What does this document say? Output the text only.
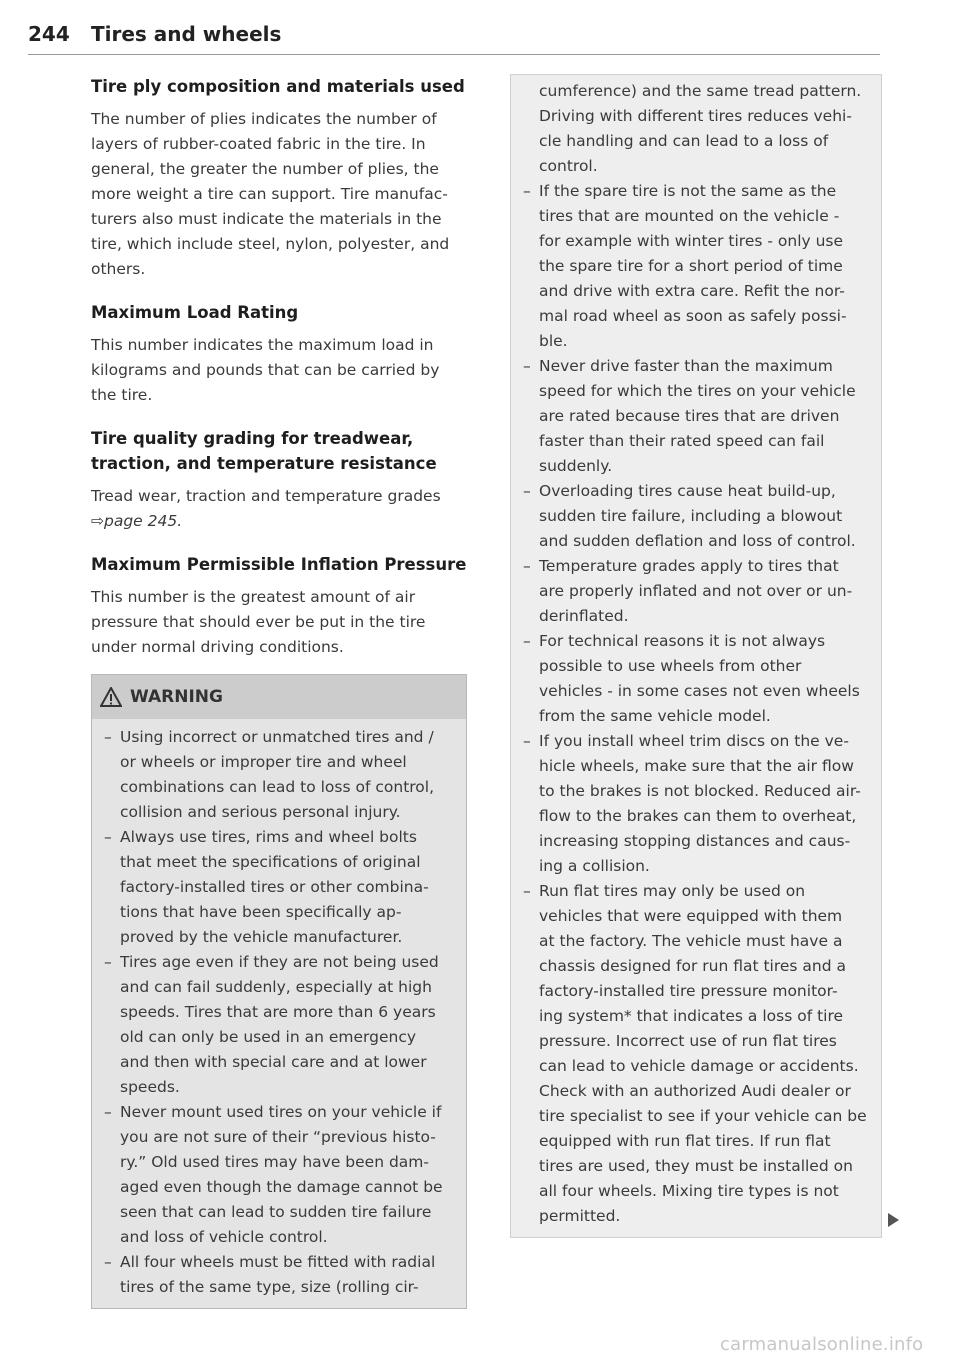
244 Tires and wheels
Tire ply composition and materials used
The number of plies indicates the number of
layers of rubber-coated fabric in the tire. In
general, the greater the number of plies, the
more weight a tire can support. Tire manufac-
turers also must indicate the materials in the
tire, which include steel, nylon, polyester, and
others.
Maximum Load Rating
This number indicates the maximum load in
kilograms and pounds that can be carried by
the tire.
Tire quality grading for treadwear,
traction, and temperature resistance
Tread wear, traction and temperature grades
⇨page 245.
Maximum Permissible Inflation Pressure
This number is the greatest amount of air
pressure that should ever be put in the tire
under normal driving conditions.
WARNING
– Using incorrect or unmatched tires and /
or wheels or improper tire and wheel
combinations can lead to loss of control,
collision and serious personal injury.
– Always use tires, rims and wheel bolts
that meet the specifications of original
factory-installed tires or other combina-
tions that have been specifically ap-
proved by the vehicle manufacturer.
– Tires age even if they are not being used
and can fail suddenly, especially at high
speeds. Tires that are more than 6 years
old can only be used in an emergency
and then with special care and at lower
speeds.
– Never mount used tires on your vehicle if
you are not sure of their “previous histo-
ry.” Old used tires may have been dam-
aged even though the damage cannot be
seen that can lead to sudden tire failure
and loss of vehicle control.
– All four wheels must be fitted with radial
tires of the same type, size (rolling cir-

cumference) and the same tread pattern.
Driving with different tires reduces vehi-
cle handling and can lead to a loss of
control.

– If the spare tire is not the same as the
tires that are mounted on the vehicle -
for example with winter tires - only use
the spare tire for a short period of time
and drive with extra care. Refit the nor-
mal road wheel as soon as safely possi-
ble.
– Never drive faster than the maximum
speed for which the tires on your vehicle
are rated because tires that are driven
faster than their rated speed can fail
suddenly.
– Overloading tires cause heat build-up,
sudden tire failure, including a blowout
and sudden deflation and loss of control.
– Temperature grades apply to tires that
are properly inflated and not over or un-
derinflated.
– For technical reasons it is not always
possible to use wheels from other
vehicles - in some cases not even wheels
from the same vehicle model.
– If you install wheel trim discs on the ve-
hicle wheels, make sure that the air flow
to the brakes is not blocked. Reduced air-
flow to the brakes can them to overheat,
increasing stopping distances and caus-
ing a collision.
– Run flat tires may only be used on
vehicles that were equipped with them
at the factory. The vehicle must have a
chassis designed for run flat tires and a
factory-installed tire pressure monitor-
ing system* that indicates a loss of tire
pressure. Incorrect use of run flat tires
can lead to vehicle damage or accidents.
Check with an authorized Audi dealer or
tire specialist to see if your vehicle can be
equipped with run flat tires. If run flat
tires are used, they must be installed on
all four wheels. Mixing tire types is not
permitted.
carmanualsonline.info
